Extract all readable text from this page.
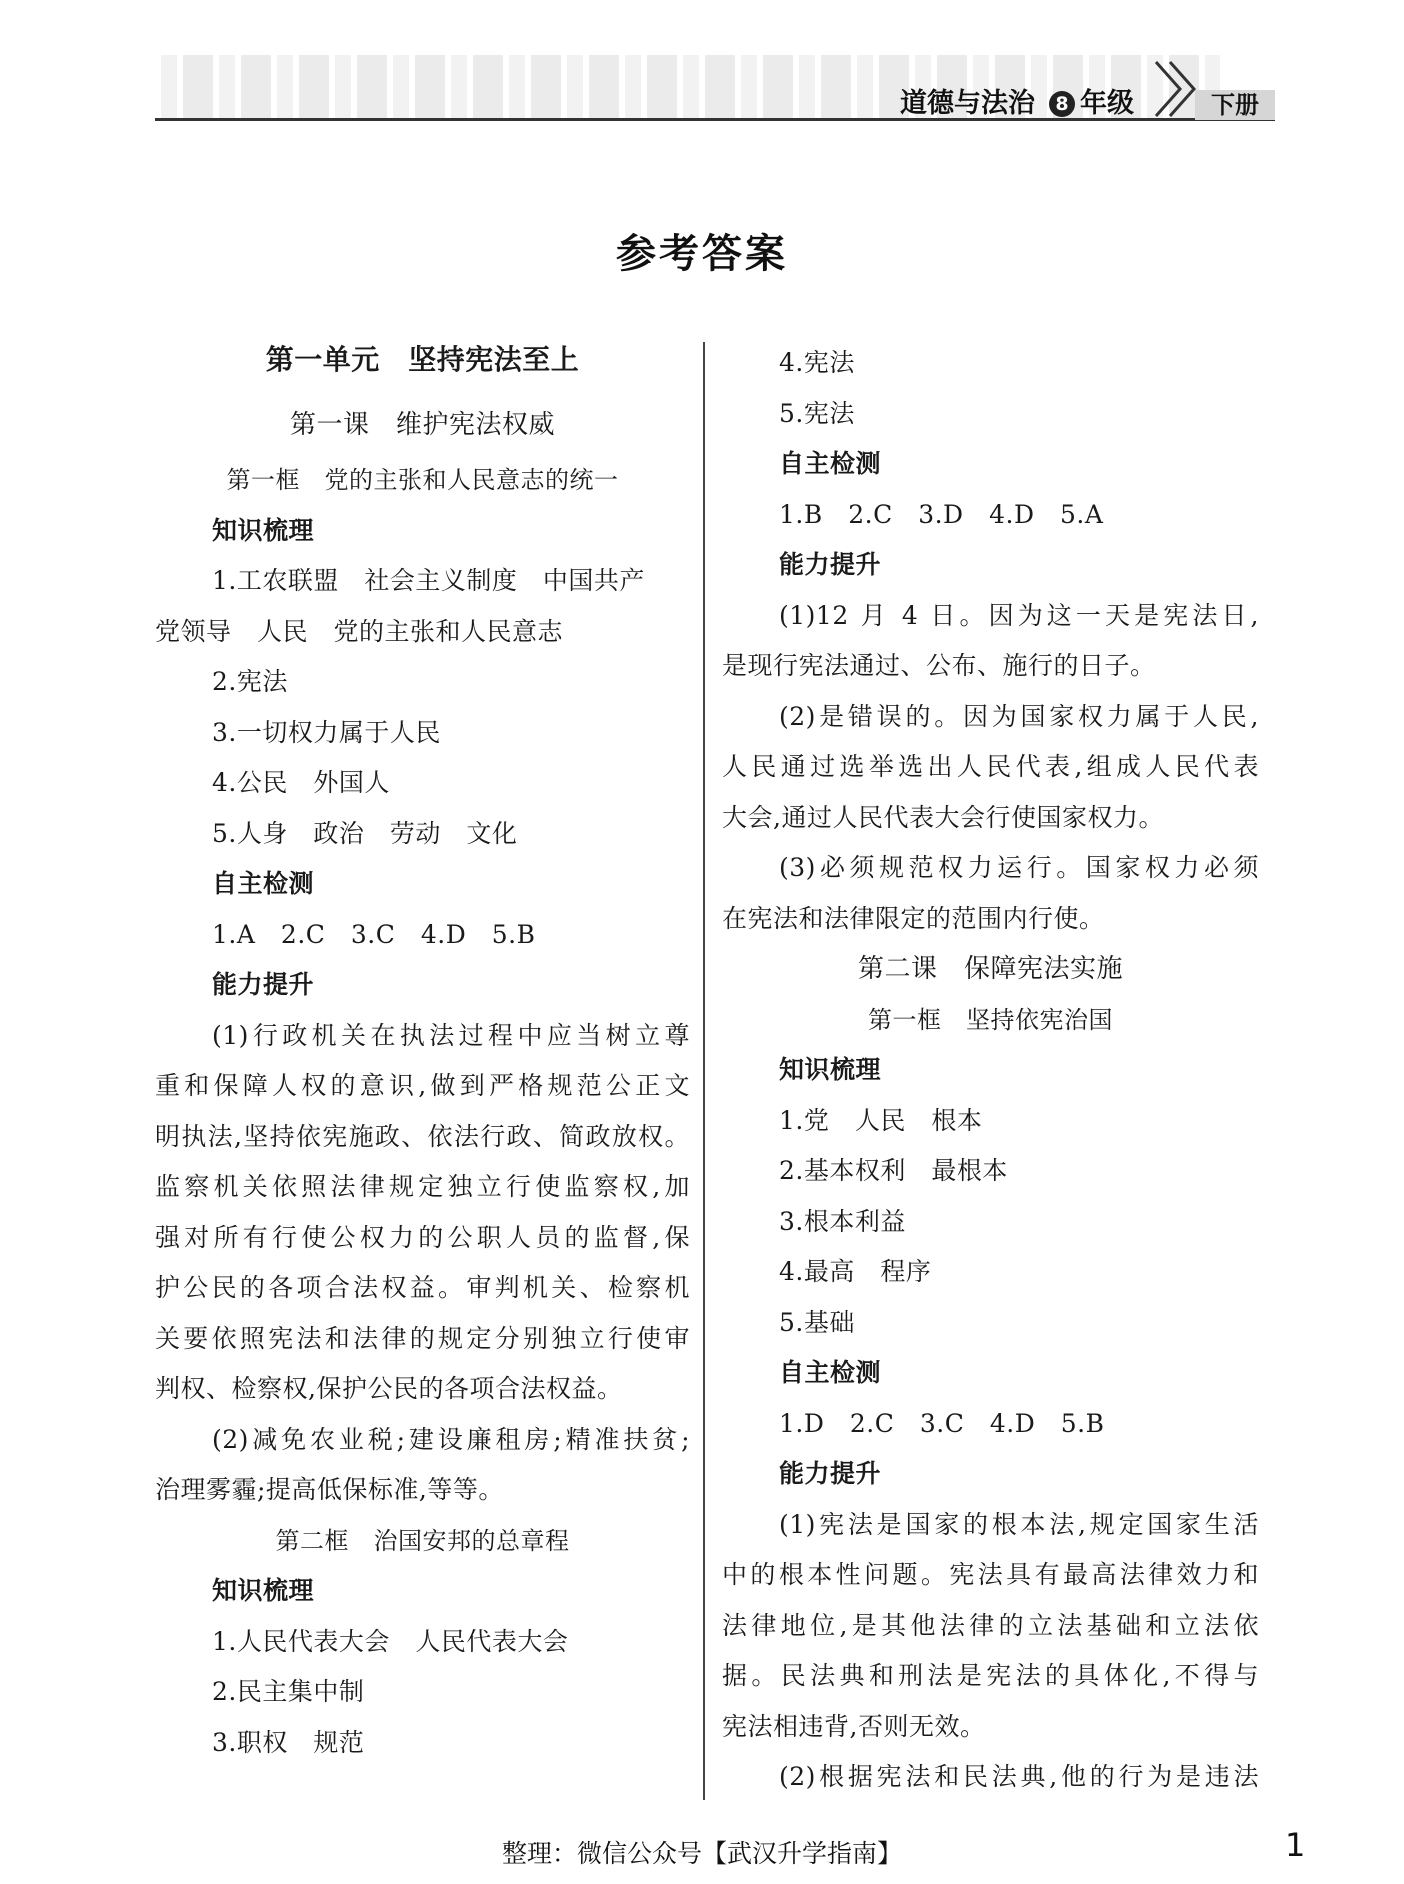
道德与法治	8 年级	下册
参考答案
第一单元　坚持宪法至上
第一课　维护宪法权威
第一框　党的主张和人民意志的统一
知识梳理
1.工农联盟　社会主义制度　中国共产
党领导　人民　党的主张和人民意志
2.宪法
3.一切权力属于人民
4.公民　外国人
5.人身　政治　劳动　文化
自主检测
1.A　2.C　3.C　4.D　5.B
能力提升
(1)行政机关在执法过程中应当树立尊
重和保障人权的意识,做到严格规范公正文
明执法,坚持依宪施政、依法行政、简政放权。
监察机关依照法律规定独立行使监察权,加
强对所有行使公权力的公职人员的监督,保
护公民的各项合法权益。审判机关、检察机
关要依照宪法和法律的规定分别独立行使审
判权、检察权,保护公民的各项合法权益。
(2)减免农业税;建设廉租房;精准扶贫;
治理雾霾;提高低保标准,等等。
第二框　治国安邦的总章程
知识梳理
1.人民代表大会　人民代表大会
2.民主集中制
3.职权　规范
4.宪法
5.宪法
自主检测
1.B　2.C　3.D　4.D　5.A
能力提升
(1)12 月 4 日。因为这一天是宪法日,
是现行宪法通过、公布、施行的日子。
(2)是错误的。因为国家权力属于人民,
人民通过选举选出人民代表,组成人民代表
大会,通过人民代表大会行使国家权力。
(3)必须规范权力运行。国家权力必须
在宪法和法律限定的范围内行使。
第二课　保障宪法实施
第一框　坚持依宪治国
知识梳理
1.党　人民　根本
2.基本权利　最根本
3.根本利益
4.最高　程序
5.基础
自主检测
1.D　2.C　3.C　4.D　5.B
能力提升
(1)宪法是国家的根本法,规定国家生活
中的根本性问题。宪法具有最高法律效力和
法律地位,是其他法律的立法基础和立法依
据。民法典和刑法是宪法的具体化,不得与
宪法相违背,否则无效。
(2)根据宪法和民法典,他的行为是违法
整理：微信公众号【武汉升学指南】	1
